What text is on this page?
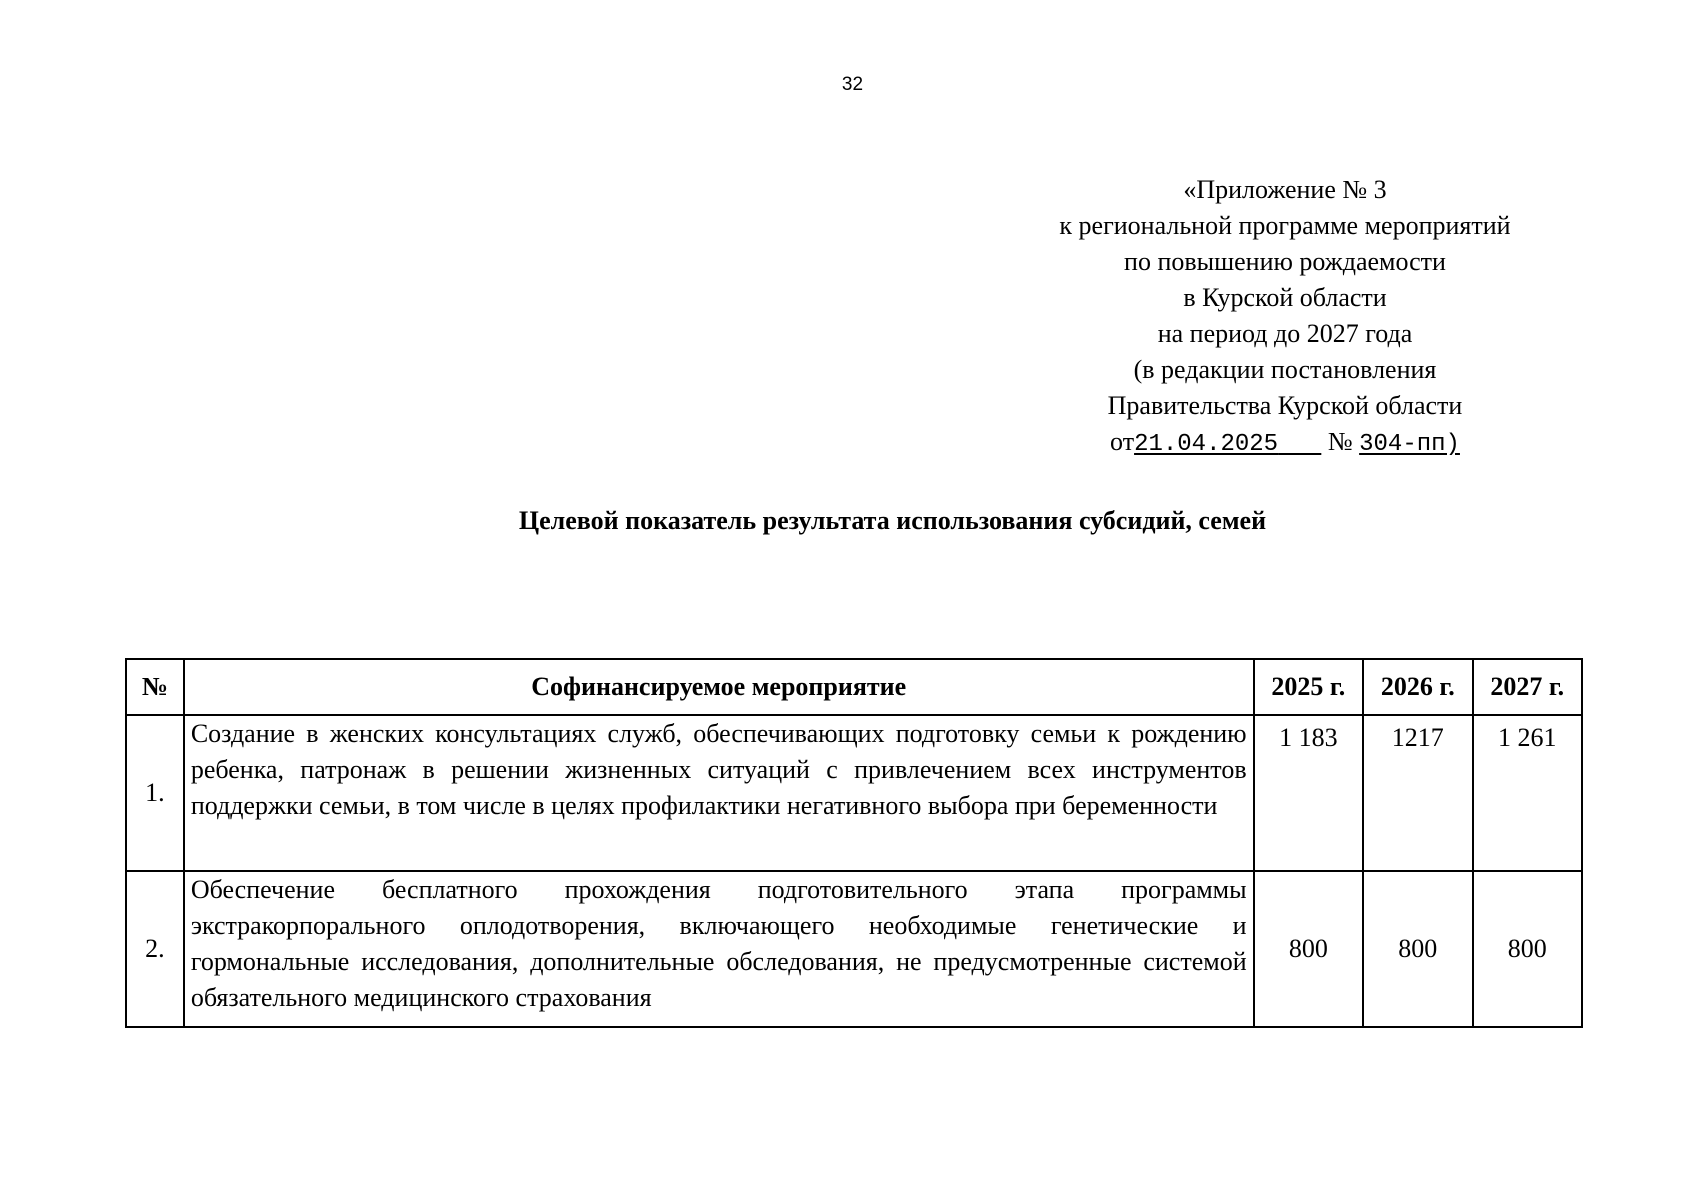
32
«Приложение № 3
к региональной программе мероприятий
по повышению рождаемости
в Курской области
на период до 2027 года
(в редакции постановления
Правительства Курской области
от21.04.2025 № 304-пп)
Целевой показатель результата использования субсидий, семей
№	Софинансируемое мероприятие	2025 г.	2026 г.	2027 г.
1.	Создание в женских консультациях служб, обеспечивающих подготовку семьи к рождению ребенка, патронаж в решении жизненных ситуаций с привлечением всех инструментов поддержки семьи, в том числе в целях профилактики негативного выбора при беременности	1 183	1217	1 261
2.	Обеспечение бесплатного прохождения подготовительного этапа программы экстракорпорального оплодотворения, включающего необходимые генетические и гормональные исследования, дополнительные обследования, не предусмотренные системой обязательного медицинского страхования	800	800	800
